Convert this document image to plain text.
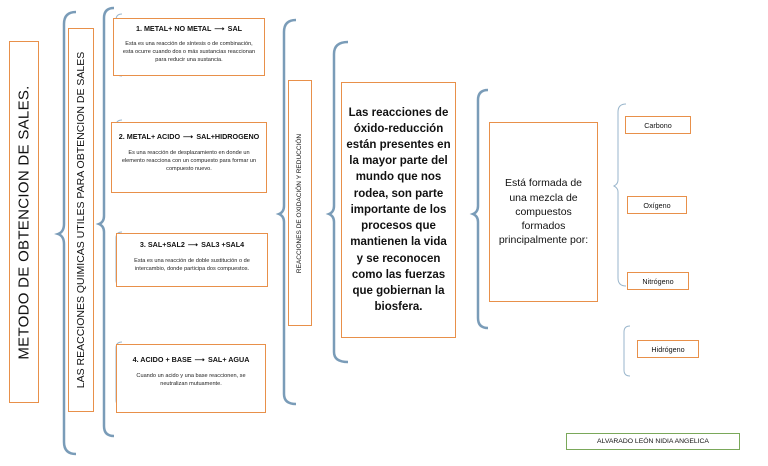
METODO DE OBTENCION DE SALES.	LAS REACCIONES QUIMICAS UTILES PARA OBTENCION DE SALES
1. METAL+ NO METAL ⟶ SAL
Esta es una reacción de síntesis o de combinación, esta ocurre cuando dos o más sustancias reaccionan para reducir una sustancia.
2. METAL+ ACIDO ⟶ SAL+HIDROGENO
Es una reacción de desplazamiento en donde un elemento reacciona con un compuesto para formar un compuesto nuevo.
3. SAL+SAL2 ⟶ SAL3 +SAL4
Esta es una reacción de doble sustitución o de intercambio, donde participa dos compuestos.
4. ACIDO + BASE ⟶ SAL+ AGUA
Cuando un acido y una base reaccionen, se neutralizan mutuamente.
REACCIONES DE OXIDACIÓN Y REDUCCIÓN
Las reacciones de óxido-reducción están presentes en la mayor parte del mundo que nos rodea, son parte importante de los procesos que mantienen la vida y se reconocen como las fuerzas que gobiernan la biosfera.
Está formada de una mezcla de compuestos formados principalmente por:
Carbono
Oxígeno
Nitrógeno
Hidrógeno
ALVARADO LEÓN NIDIA ANGELICA
